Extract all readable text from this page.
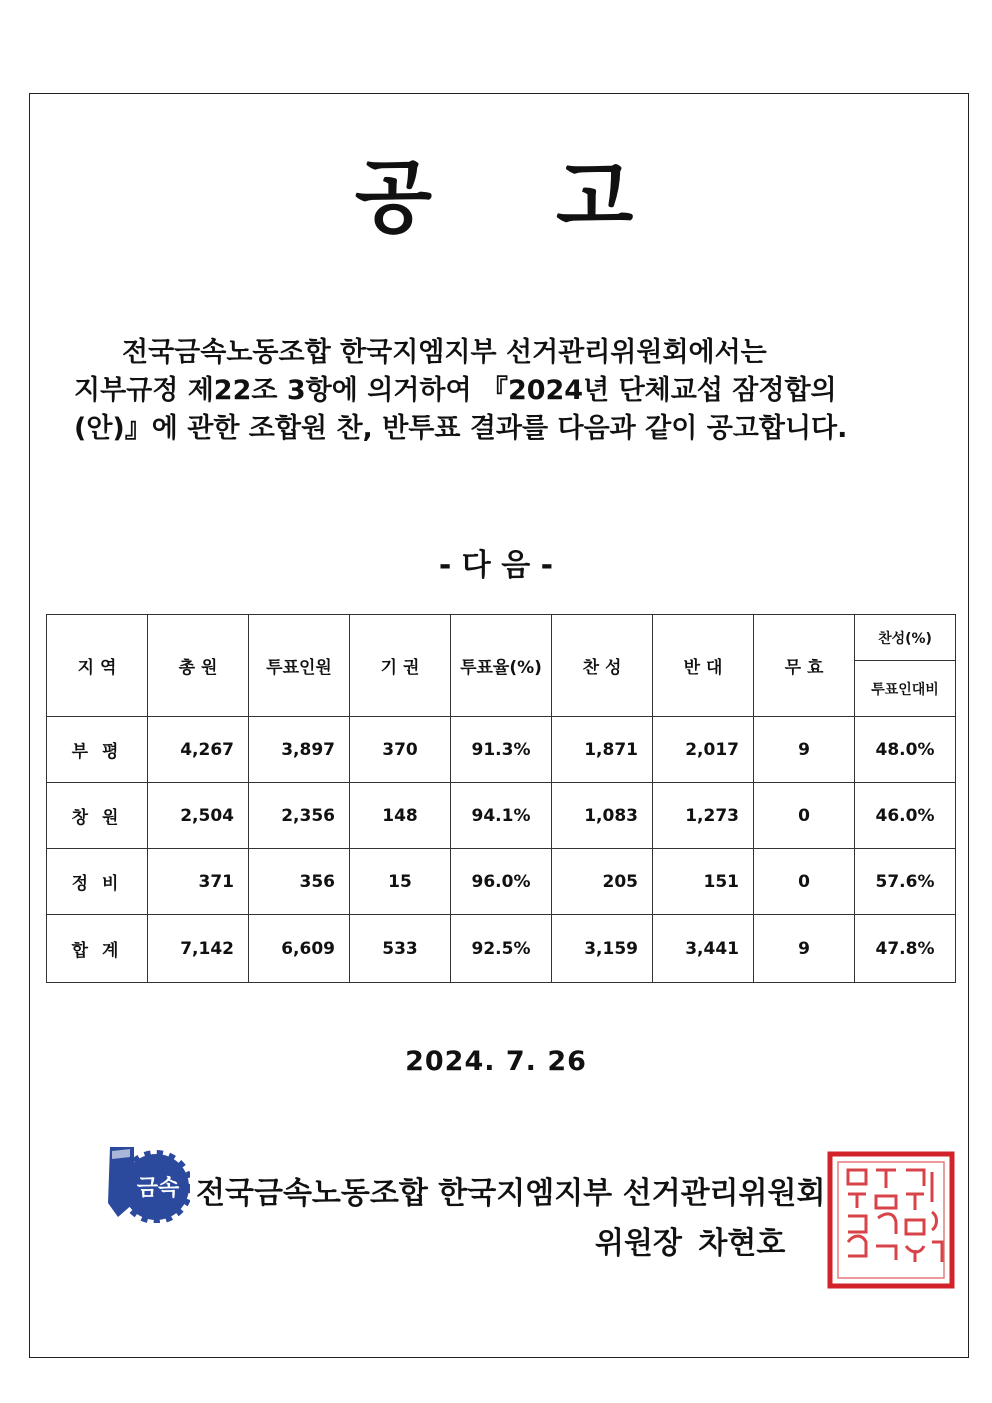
공 고
전국금속노동조합 한국지엠지부 선거관리위원회에서는
지부규정 제22조 3항에 의거하여 『2024년 단체교섭 잠정합의
(안)』에 관한 조합원 찬, 반투표 결과를 다음과 같이 공고합니다.
- 다 음 -
지 역	총 원	투표인원	기 권	투표율(%)	찬 성	반 대	무 효	찬성(%)
								투표인대비
부 평	4,267	3,897	370	91.3%	1,871	2,017	9	48.0%
창 원	2,504	2,356	148	94.1%	1,083	1,273	0	46.0%
정 비	371	356	15	96.0%	205	151	0	57.6%
합 계	7,142	6,609	533	92.5%	3,159	3,441	9	47.8%
2024. 7. 26
금속 전국금속노동조합 한국지엠지부 선거관리위원회
위원장 차현호
